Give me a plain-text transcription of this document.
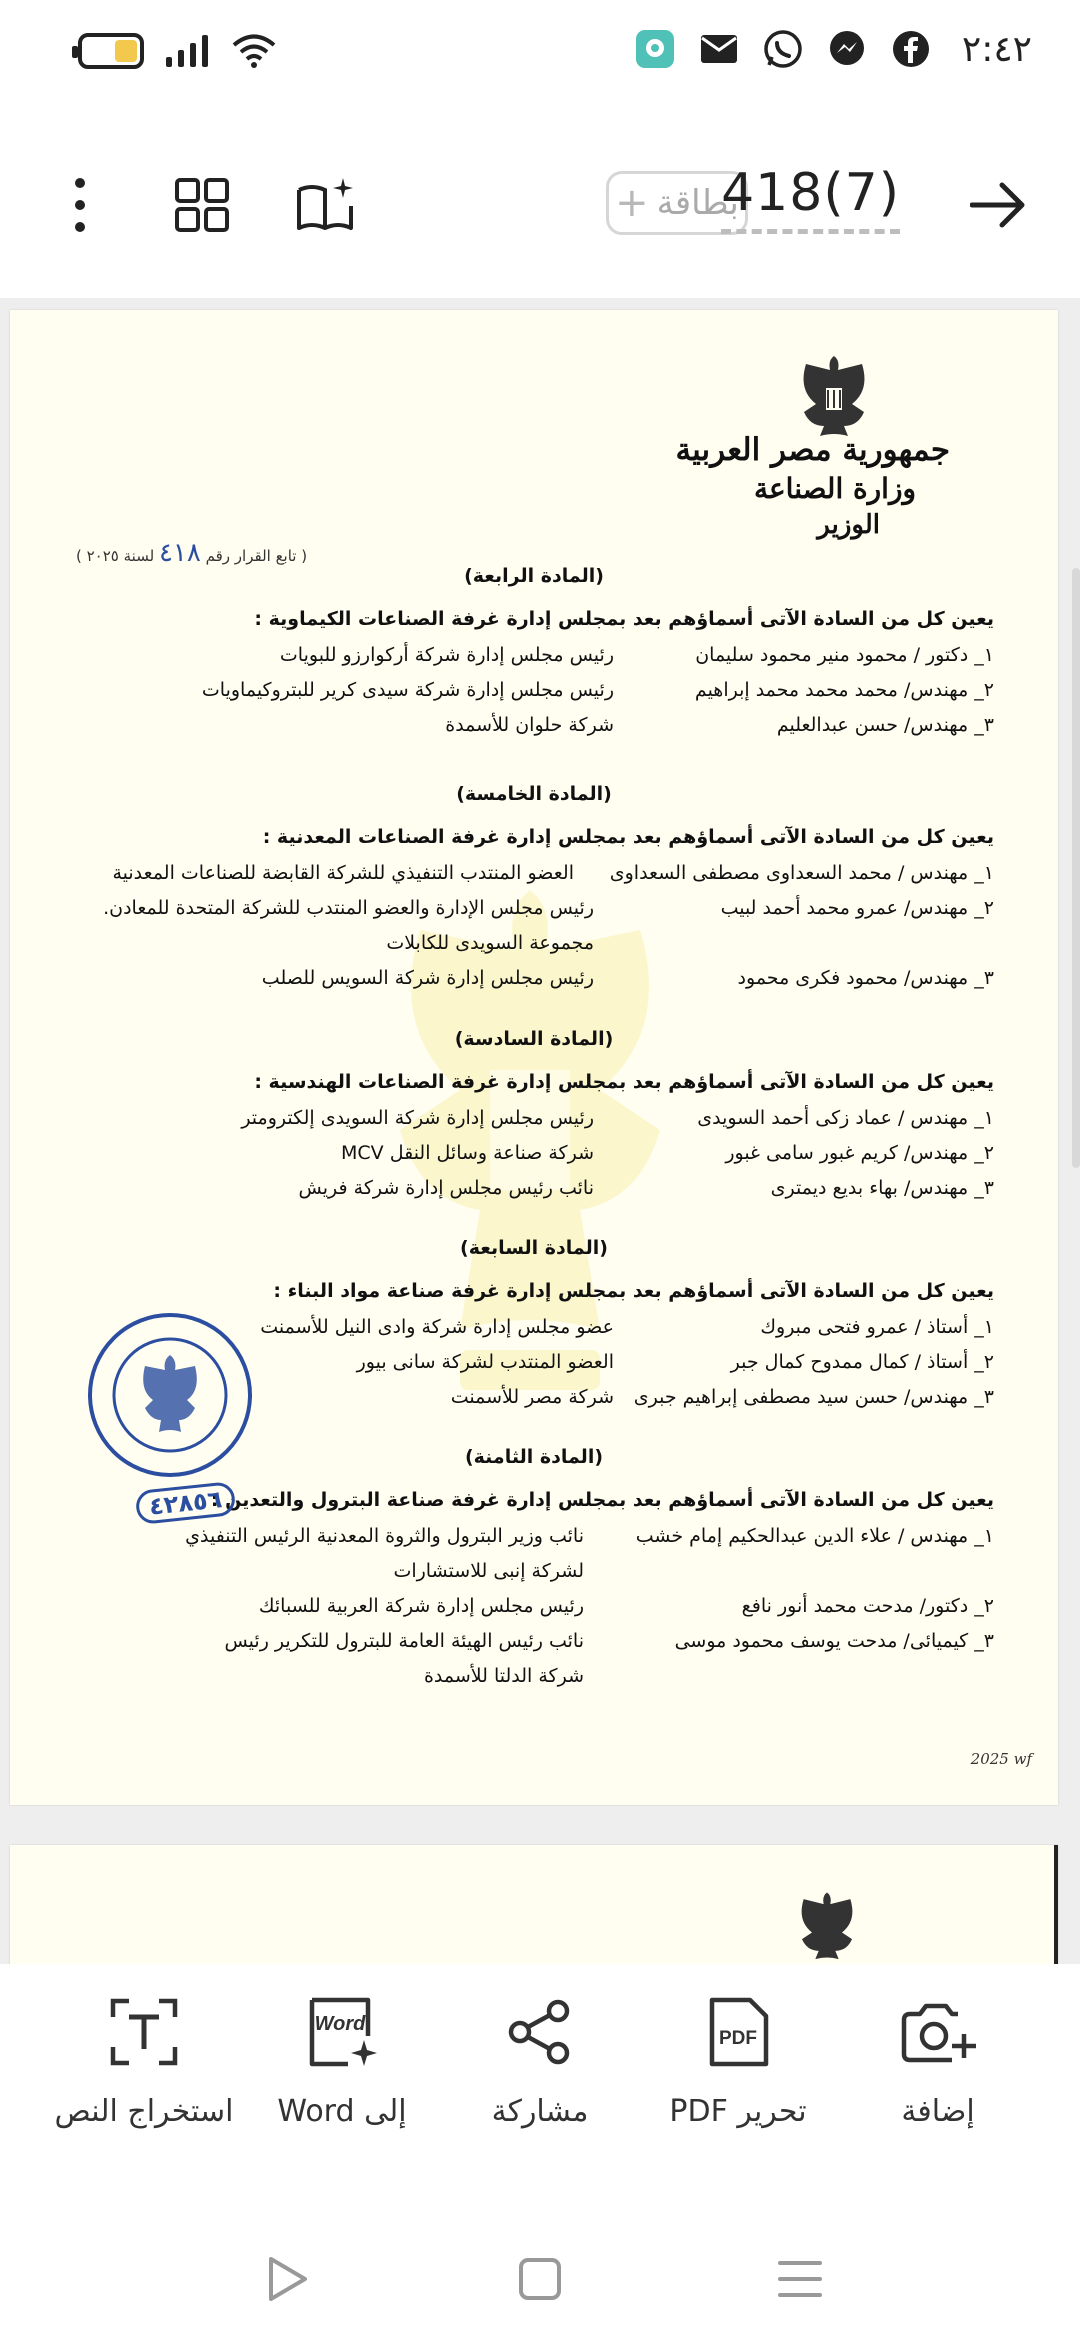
٢:٤٢
بطاقة
+ 418(7)
جمهورية مصر العربية
وزارة الصناعة
الوزير
( تابع القرار رقم ٤١٨ لسنة ٢٠٢٥ )
(المادة الرابعة)
يعين كل من السادة الآتى أسماؤهم بعد بمجلس إدارة غرفة الصناعات الكيماوية :
١_ دكتور / محمود منير محمود سليمان
رئيس مجلس إدارة شركة أركوارزو للبويات
٢_ مهندس/ محمد محمد محمد إبراهيم
رئيس مجلس إدارة شركة سيدى كرير للبتروكيماويات
٣_ مهندس/ حسن عبدالعليم
شركة حلوان للأسمدة
(المادة الخامسة)
يعين كل من السادة الآتى أسماؤهم بعد بمجلس إدارة غرفة الصناعات المعدنية :
١_ مهندس / محمد السعداوى مصطفى السعداوى
العضو المنتدب التنفيذي للشركة القابضة للصناعات المعدنية
٢_ مهندس/ عمرو محمد أحمد لبيب
رئيس مجلس الإدارة والعضو المنتدب للشركة المتحدة للمعادن.
مجموعة السويدى للكابلات
٣_ مهندس/ محمود فكرى محمود
رئيس مجلس إدارة شركة السويس للصلب
(المادة السادسة)
يعين كل من السادة الآتى أسماؤهم بعد بمجلس إدارة غرفة الصناعات الهندسية :
١_ مهندس / عماد زكى أحمد السويدى
رئيس مجلس إدارة شركة السويدى إلكترومتر
٢_ مهندس/ كريم غبور سامى غبور
شركة صناعة وسائل النقل MCV
٣_ مهندس/ بهاء بديع ديمترى
نائب رئيس مجلس إدارة شركة فريش
(المادة السابعة)
يعين كل من السادة الآتى أسماؤهم بعد بمجلس إدارة غرفة صناعة مواد البناء :
١_ أستاذ / عمرو فتحى مبروك
عضو مجلس إدارة شركة وادى النيل للأسمنت
٢_ أستاذ / كمال ممدوح كمال جبر
العضو المنتدب لشركة سانى بيور
٣_ مهندس/ حسن سيد مصطفى إبراهيم جبرى
شركة مصر للأسمنت
(المادة الثامنة)
يعين كل من السادة الآتى أسماؤهم بعد بمجلس إدارة غرفة صناعة البترول والتعدين :
١_ مهندس / علاء الدين عبدالحكيم إمام خشب
نائب وزير البترول والثروة المعدنية الرئيس التنفيذي
لشركة إنبى للاستشارات
٢_ دكتور/ مدحت محمد أنور نافع
رئيس مجلس إدارة شركة العربية للسبائك
٣_ كيميائى/ مدحت يوسف محمود موسى
نائب رئيس الهيئة العامة للبترول للتكرير رئيس
شركة الدلتا للأسمدة
٤٢٨٥٦
2025 wf
إضافة
PDF
تحرير PDF
مشاركة
Word
إلى Word
استخراج النص
